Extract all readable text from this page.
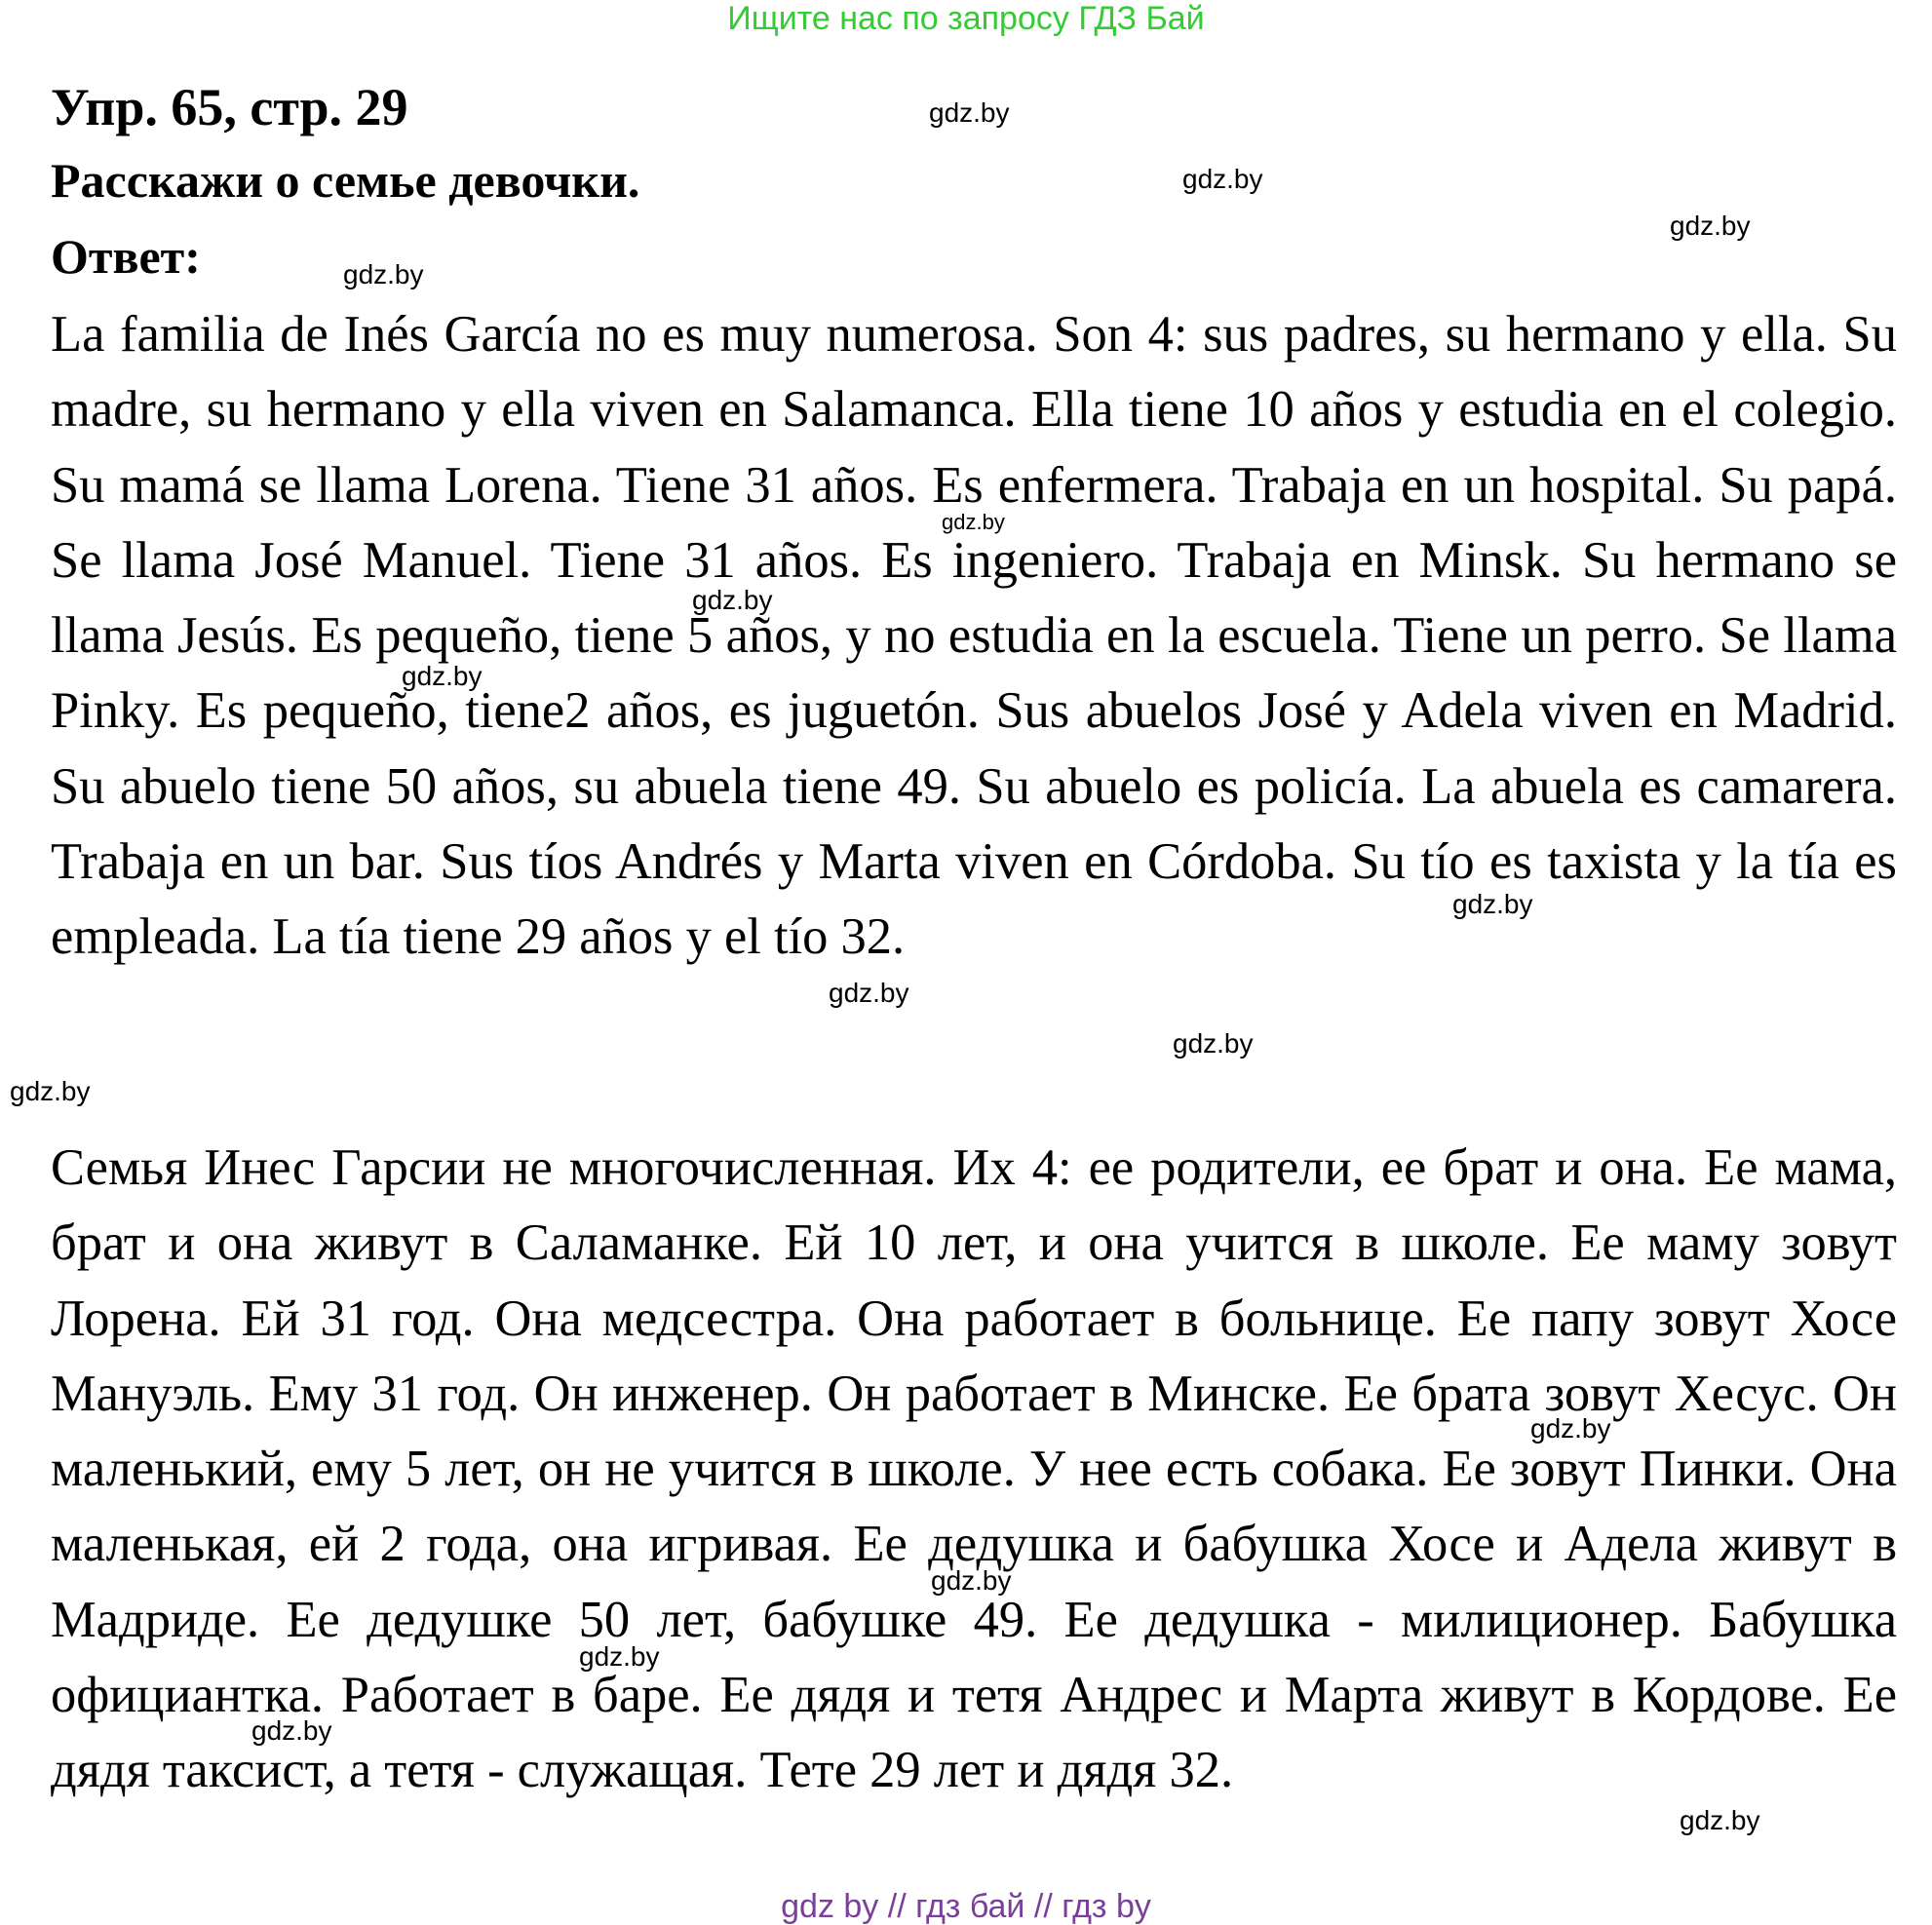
Ищите нас по запросу ГДЗ Бай
Упр. 65, стр. 29
Расскажи о семье девочки.
Ответ:
La familia de Inés García no es muy numerosa. Son 4: sus padres, su hermano y ella. Su madre, su hermano y ella viven en Salamanca. Ella tiene 10 años y estudia en el colegio. Su mamá se llama Lorena. Tiene 31 años. Es enfermera. Trabaja en un hospital. Su papá. Se llama José Manuel. Tiene 31 años. Es ingeniero. Trabaja en Minsk. Su hermano se llama Jesús. Es pequeño, tiene 5 años, y no estudia en la escuela. Tiene un perro. Se llama Pinky. Es pequeño, tiene2 años, es juguetón. Sus abuelos José y Adela viven en Madrid. Su abuelo tiene 50 años, su abuela tiene 49. Su abuelo es policía. La abuela es camarera. Trabaja en un bar. Sus tíos Andrés y Marta viven en Córdoba. Su tío es taxista y la tía es empleada. La tía tiene 29 años y el tío 32.
Семья Инес Гарсии не многочисленная. Их 4: ее родители, ее брат и она. Ее мама, брат и она живут в Саламанке. Ей 10 лет, и она учится в школе. Ее маму зовут Лорена. Ей 31 год. Она медсестра. Она работает в больнице. Ее папу зовут Хосе Мануэль. Ему 31 год. Он инженер. Он работает в Минске. Ее брата зовут Хесус. Он маленький, ему 5 лет, он не учится в школе. У нее есть собака. Ее зовут Пинки. Она маленькая, ей 2 года, она игривая. Ее дедушка и бабушка Хосе и Адела живут в Мадриде. Ее дедушке 50 лет, бабушке 49. Ее дедушка - милиционер. Бабушка официантка. Работает в баре. Ее дядя и тетя Андрес и Марта живут в Кордове. Ее дядя таксист, а тетя - служащая. Тете 29 лет и дядя 32.
gdz.by
gdz.by
gdz.by
gdz.by
gdz.by
gdz.by
gdz.by
gdz.by
gdz.by
gdz.by
gdz.by
gdz.by
gdz.by
gdz.by
gdz.by
gdz.by
gdz by // гдз бай // гдз by
